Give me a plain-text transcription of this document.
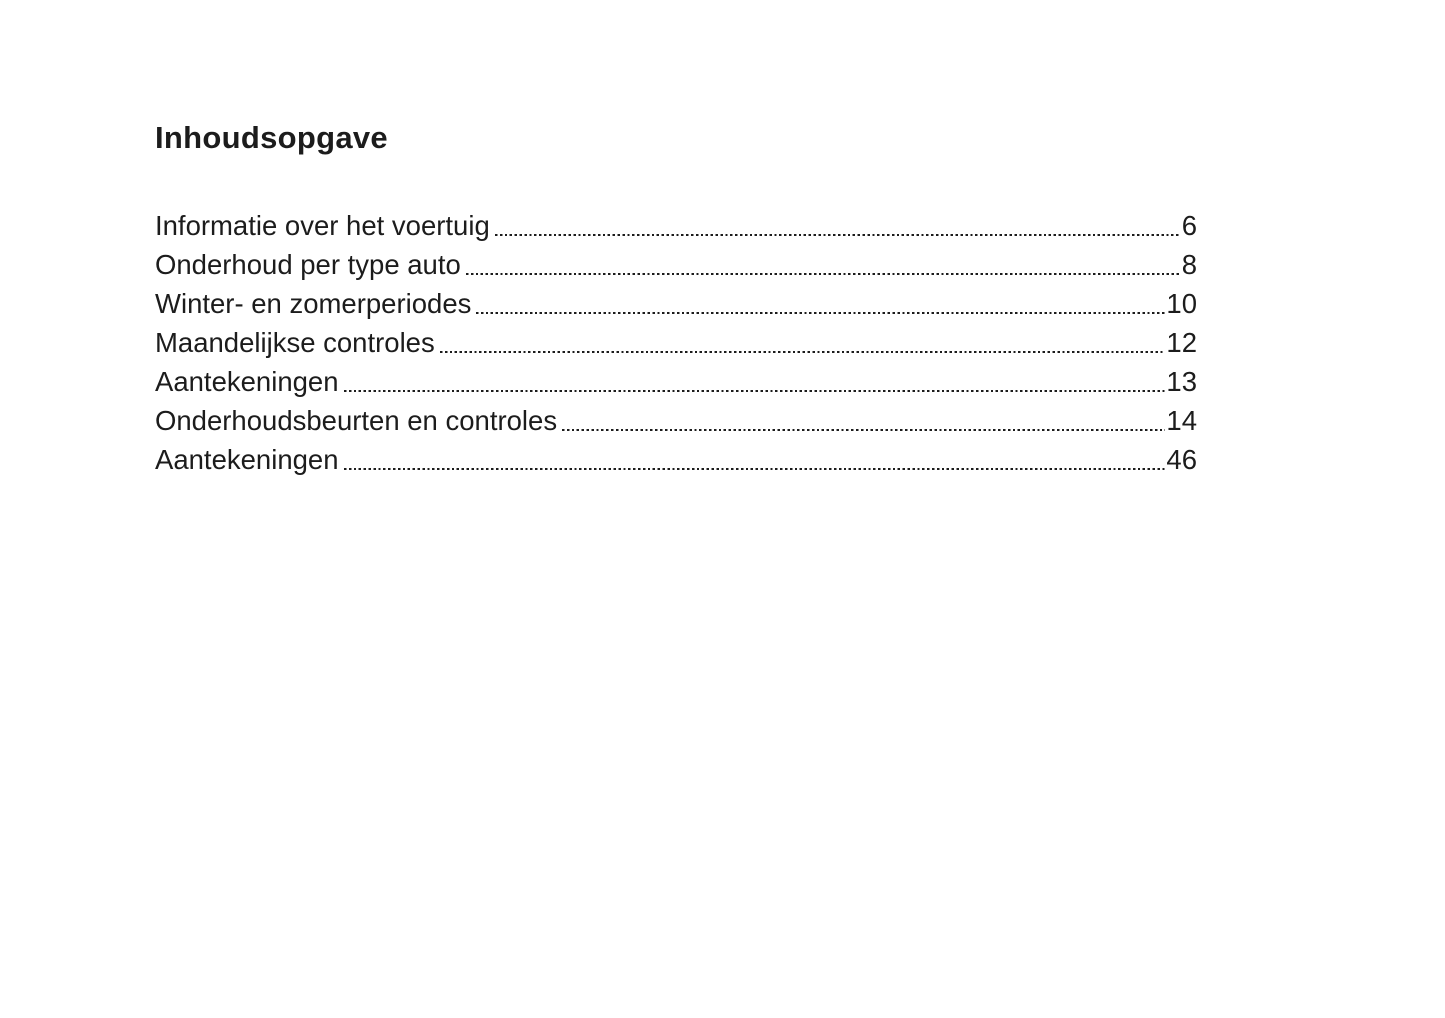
Inhoudsopgave
Informatie over het voertuig	6
Onderhoud per type auto	8
Winter- en zomerperiodes	10
Maandelijkse controles	12
Aantekeningen	13
Onderhoudsbeurten en controles	14
Aantekeningen	46
